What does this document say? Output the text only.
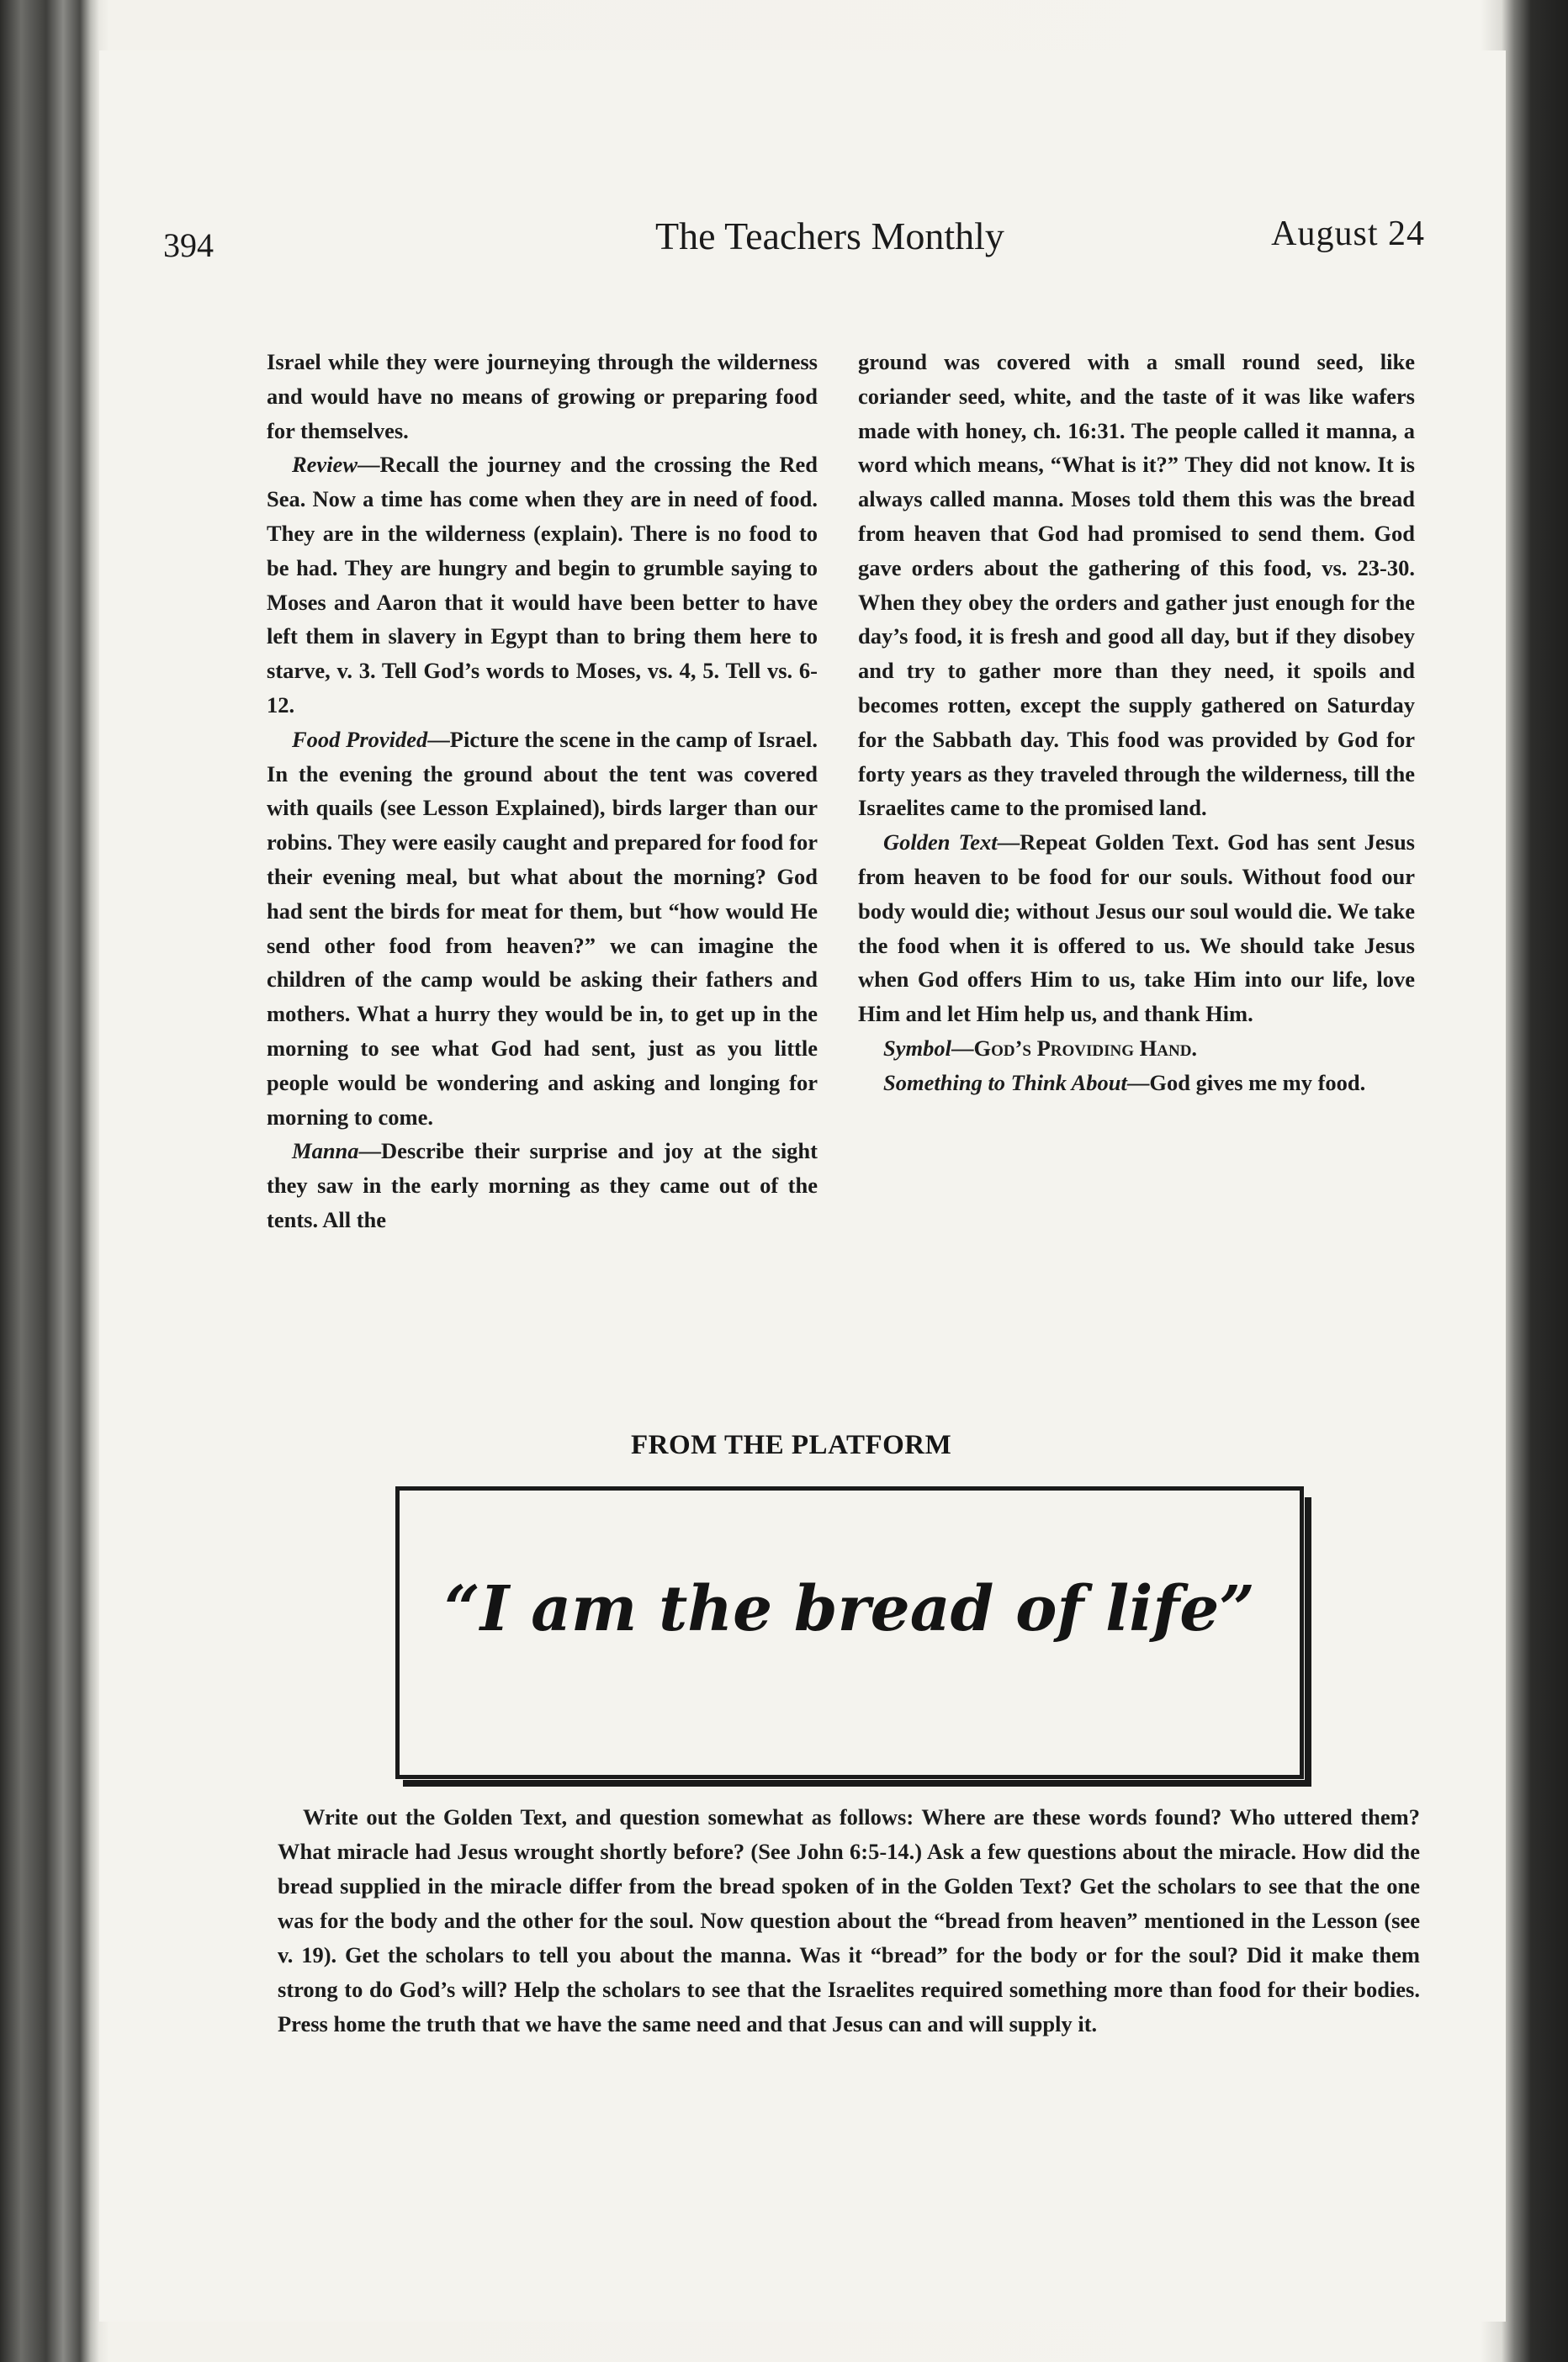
394	The Teachers Monthly	August 24

Israel while they were journeying through the wilderness and would have no means of growing or preparing food for themselves.

Review—Recall the journey and the crossing the Red Sea. Now a time has come when they are in need of food. They are in the wilderness (explain). There is no food to be had. They are hungry and begin to grumble saying to Moses and Aaron that it would have been better to have left them in slavery in Egypt than to bring them here to starve, v. 3. Tell God’s words to Moses, vs. 4, 5. Tell vs. 6-12.

Food Provided—Picture the scene in the camp of Israel. In the evening the ground about the tent was covered with quails (see Lesson Explained), birds larger than our robins. They were easily caught and prepared for food for their evening meal, but what about the morning? God had sent the birds for meat for them, but “how would He send other food from heaven?” we can imagine the children of the camp would be asking their fathers and mothers. What a hurry they would be in, to get up in the morning to see what God had sent, just as you little people would be wondering and asking and longing for morning to come.

Manna—Describe their surprise and joy at the sight they saw in the early morning as they came out of the tents. All the

ground was covered with a small round seed, like coriander seed, white, and the taste of it was like wafers made with honey, ch. 16:31. The people called it manna, a word which means, “What is it?” They did not know. It is always called manna. Moses told them this was the bread from heaven that God had promised to send them. God gave orders about the gathering of this food, vs. 23-30. When they obey the orders and gather just enough for the day’s food, it is fresh and good all day, but if they disobey and try to gather more than they need, it spoils and becomes rotten, except the supply gathered on Saturday for the Sabbath day. This food was provided by God for forty years as they traveled through the wilderness, till the Israelites came to the promised land.

Golden Text—Repeat Golden Text. God has sent Jesus from heaven to be food for our souls. Without food our body would die; without Jesus our soul would die. We take the food when it is offered to us. We should take Jesus when God offers Him to us, take Him into our life, love Him and let Him help us, and thank Him.

Symbol—God’s Providing Hand.

Something to Think About—God gives me my food.

FROM THE PLATFORM
“I am the bread of life”

Write out the Golden Text, and question somewhat as follows: Where are these words found? Who uttered them? What miracle had Jesus wrought shortly before? (See John 6:5-14.) Ask a few questions about the miracle. How did the bread supplied in the miracle differ from the bread spoken of in the Golden Text? Get the scholars to see that the one was for the body and the other for the soul. Now question about the “bread from heaven” mentioned in the Lesson (see v. 19). Get the scholars to tell you about the manna. Was it “bread” for the body or for the soul? Did it make them strong to do God’s will? Help the scholars to see that the Israelites required something more than food for their bodies. Press home the truth that we have the same need and that Jesus can and will supply it.
